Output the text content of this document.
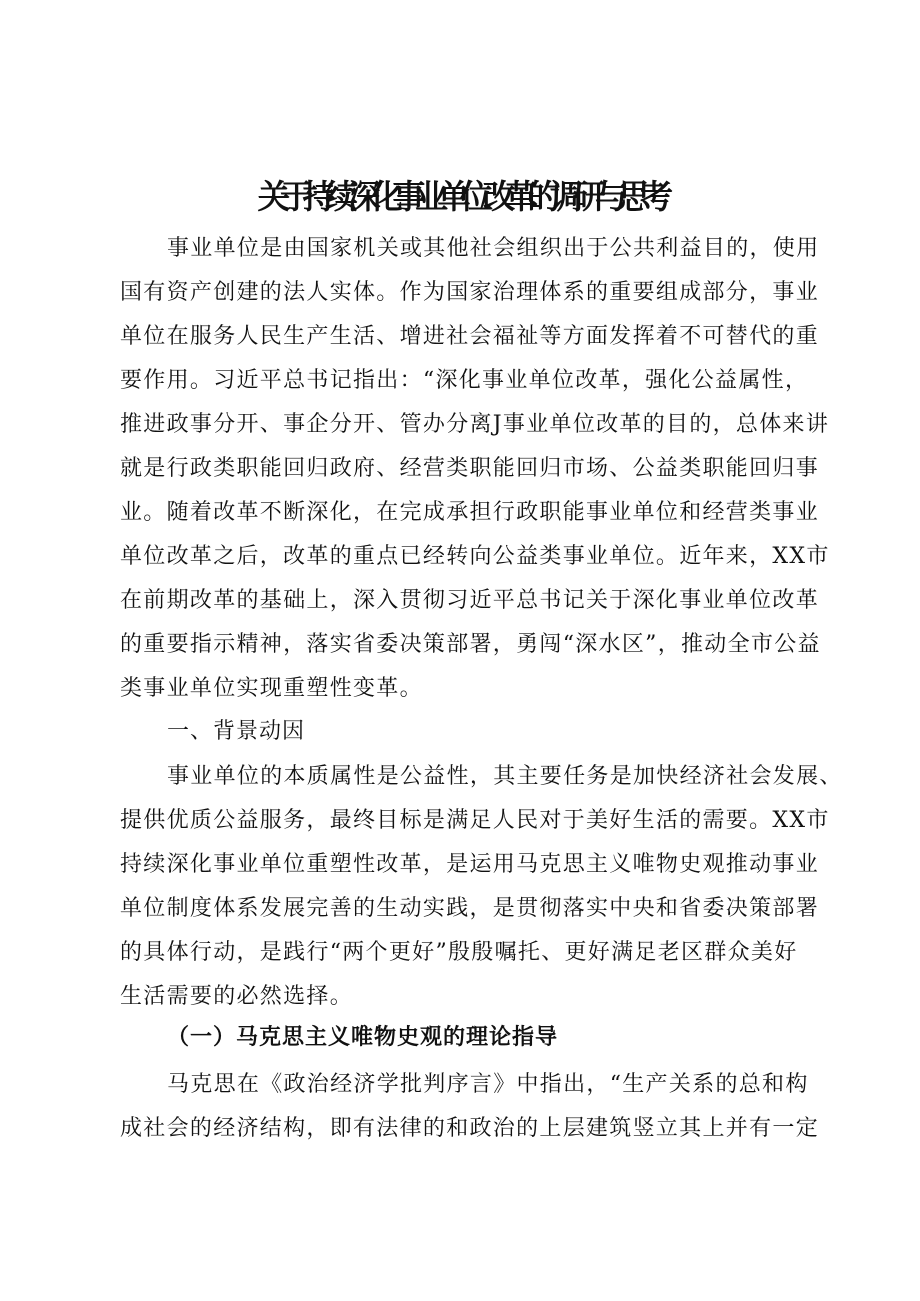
关于持续深化事业单位改革的调研与思考
事业单位是由国家机关或其他社会组织出于公共利益目的，使用
国有资产创建的法人实体。作为国家治理体系的重要组成部分，事业
单位在服务人民生产生活、增进社会福祉等方面发挥着不可替代的重
要作用。习近平总书记指出：“深化事业单位改革，强化公益属性，
推进政事分开、事企分开、管办分离J事业单位改革的目的，总体来讲
就是行政类职能回归政府、经营类职能回归市场、公益类职能回归事
业。随着改革不断深化，在完成承担行政职能事业单位和经营类事业
单位改革之后，改革的重点已经转向公益类事业单位。近年来，XX市
在前期改革的基础上，深入贯彻习近平总书记关于深化事业单位改革
的重要指示精神，落实省委决策部署，勇闯“深水区”，推动全市公益
类事业单位实现重塑性变革。
一、背景动因
事业单位的本质属性是公益性，其主要任务是加快经济社会发展、
提供优质公益服务，最终目标是满足人民对于美好生活的需要。XX市
持续深化事业单位重塑性改革，是运用马克思主义唯物史观推动事业
单位制度体系发展完善的生动实践，是贯彻落实中央和省委决策部署
的具体行动，是践行“两个更好”殷殷嘱托、更好满足老区群众美好
生活需要的必然选择。
（一）马克思主义唯物史观的理论指导
马克思在《政治经济学批判序言》中指出，“生产关系的总和构
成社会的经济结构，即有法律的和政治的上层建筑竖立其上并有一定
